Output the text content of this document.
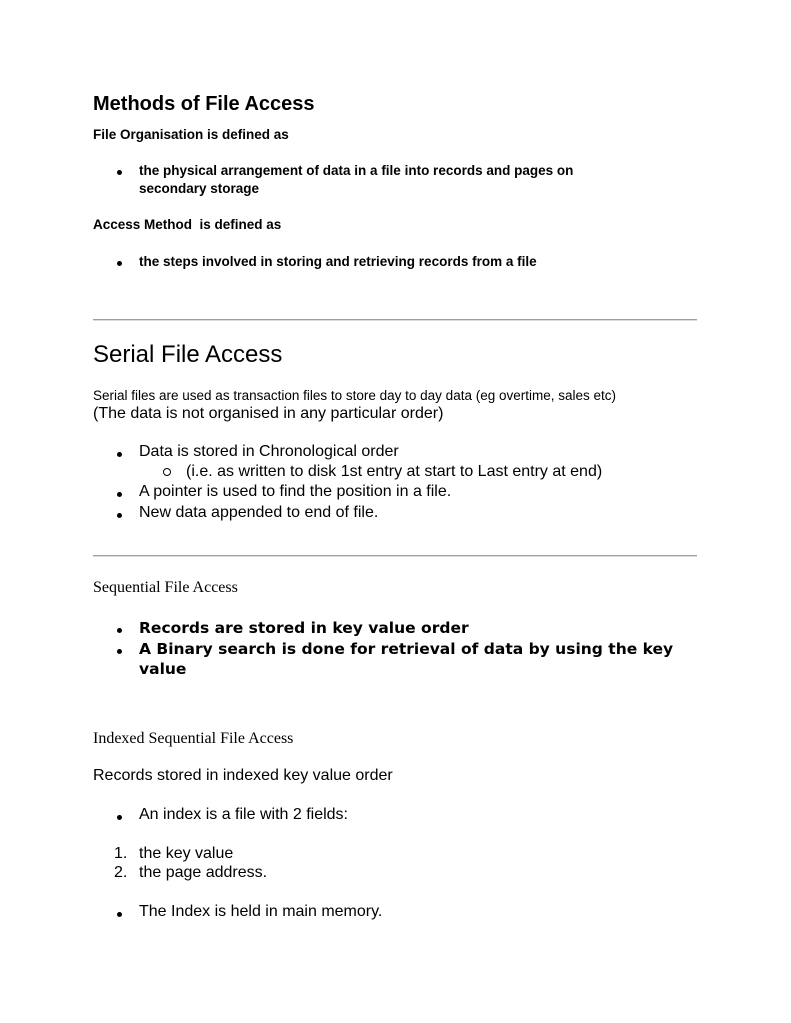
Methods of File Access

File Organisation is defined as

the physical arrangement of data in a file into records and pages on

secondary storage

Access Method  is defined as

the steps involved in storing and retrieving records from a file

Serial File Access

Serial files are used as transaction files to store day to day data (eg overtime, sales etc)

(The data is not organised in any particular order)

Data is stored in Chronological order

(i.e. as written to disk 1st entry at start to Last entry at end)

A pointer is used to find the position in a file.

New data appended to end of file.

Sequential File Access

Records are stored in key value order

A Binary search is done for retrieval of data by using the key

value

Indexed Sequential File Access

Records stored in indexed key value order

An index is a file with 2 fields:

1. the key value

2. the page address.

The Index is held in main memory.
